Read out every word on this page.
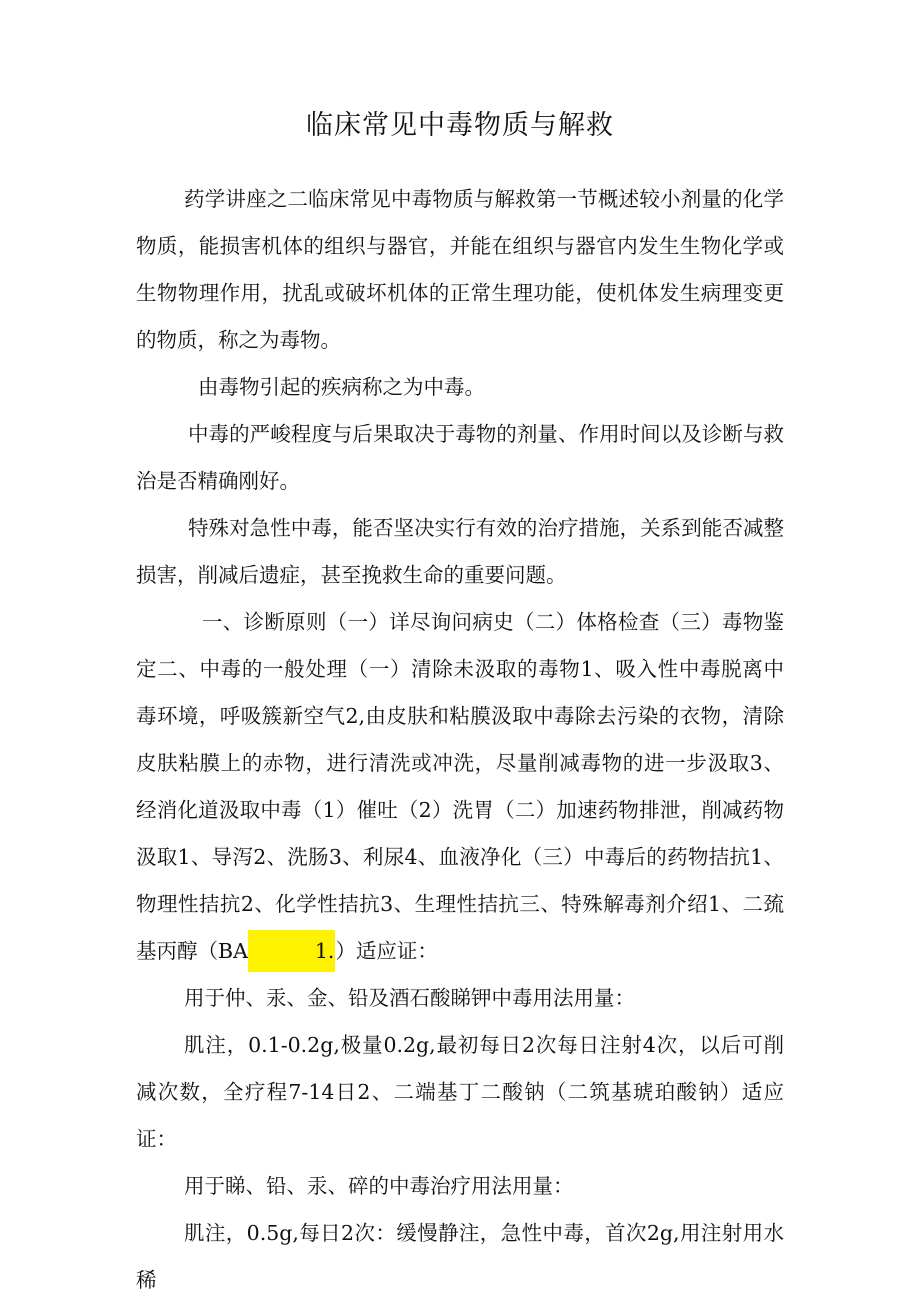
临床常见中毒物质与解救

药学讲座之二临床常见中毒物质与解救第一节概述较小剂量的化学物质，能损害机体的组织与器官，并能在组织与器官内发生生物化学或生物物理作用，扰乱或破坏机体的正常生理功能，使机体发生病理变更的物质，称之为毒物。

由毒物引起的疾病称之为中毒。

中毒的严峻程度与后果取决于毒物的剂量、作用时间以及诊断与救治是否精确刚好。

特殊对急性中毒，能否坚决实行有效的治疗措施，关系到能否减整损害，削减后遗症，甚至挽救生命的重要问题。

一、诊断原则（一）详尽询问病史（二）体格检查（三）毒物鉴定二、中毒的一般处理（一）清除未汲取的毒物1、吸入性中毒脱离中毒环境，呼吸簇新空气2,由皮肤和粘膜汲取中毒除去污染的衣物，清除皮肤粘膜上的赤物，进行清洗或冲洗，尽量削减毒物的进一步汲取3、经消化道汲取中毒（1）催吐（2）洗胃（二）加速药物排泄，削减药物汲取1、导泻2、洗肠3、利尿4、血液净化（三）中毒后的药物拮抗1、物理性拮抗2、化学性拮抗3、生理性拮抗三、特殊解毒剂介绍1、二巯基丙醇（BA	1.）适应证：

用于仲、汞、金、铅及酒石酸睇钾中毒用法用量：

肌注，0.1-0.2g,极量0.2g,最初每日2次每日注射4次，以后可削减次数，全疗程7-14日2、二端基丁二酸钠（二筑基琥珀酸钠）适应证：

用于睇、铅、汞、碎的中毒治疗用法用量：

肌注，0.5g,每日2次：缓慢静注，急性中毒，首次2g,用注射用水稀
